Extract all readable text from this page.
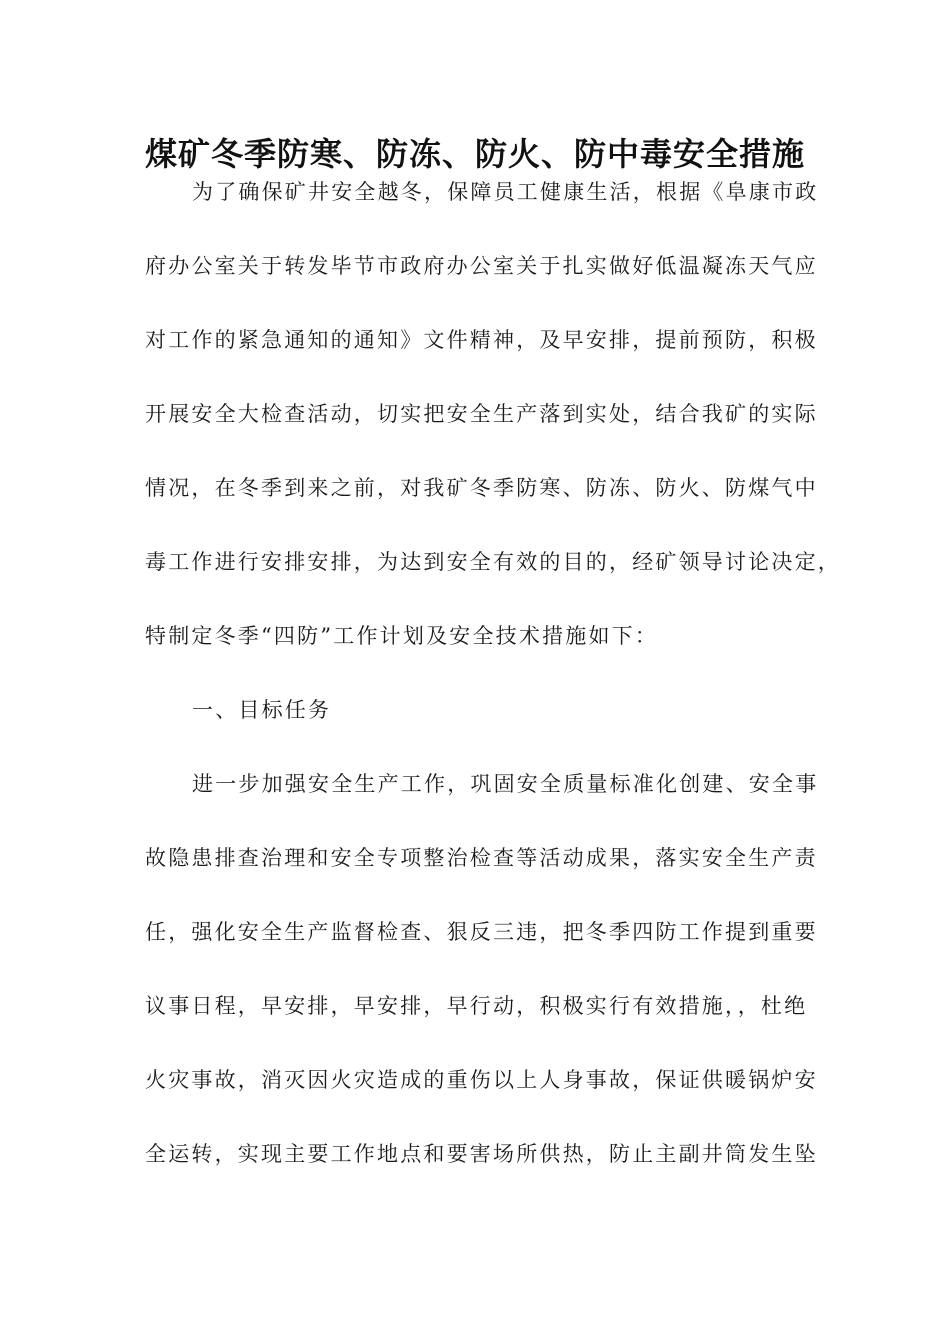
煤矿冬季防寒、防冻、防火、防中毒安全措施
为了确保矿井安全越冬，保障员工健康生活，根据《阜康市政
府办公室关于转发毕节市政府办公室关于扎实做好低温凝冻天气应
对工作的紧急通知的通知》文件精神，及早安排，提前预防，积极
开展安全大检查活动，切实把安全生产落到实处，结合我矿的实际
情况，在冬季到来之前，对我矿冬季防寒、防冻、防火、防煤气中
毒工作进行安排安排，为达到安全有效的目的，经矿领导讨论决定，
特制定冬季“四防”工作计划及安全技术措施如下：
一、目标任务
进一步加强安全生产工作，巩固安全质量标准化创建、安全事
故隐患排查治理和安全专项整治检查等活动成果，落实安全生产责
任，强化安全生产监督检查、狠反三违，把冬季四防工作提到重要
议事日程，早安排，早安排，早行动，积极实行有效措施，，杜绝
火灾事故，消灭因火灾造成的重伤以上人身事故，保证供暖锅炉安
全运转，实现主要工作地点和要害场所供热，防止主副井筒发生坠
